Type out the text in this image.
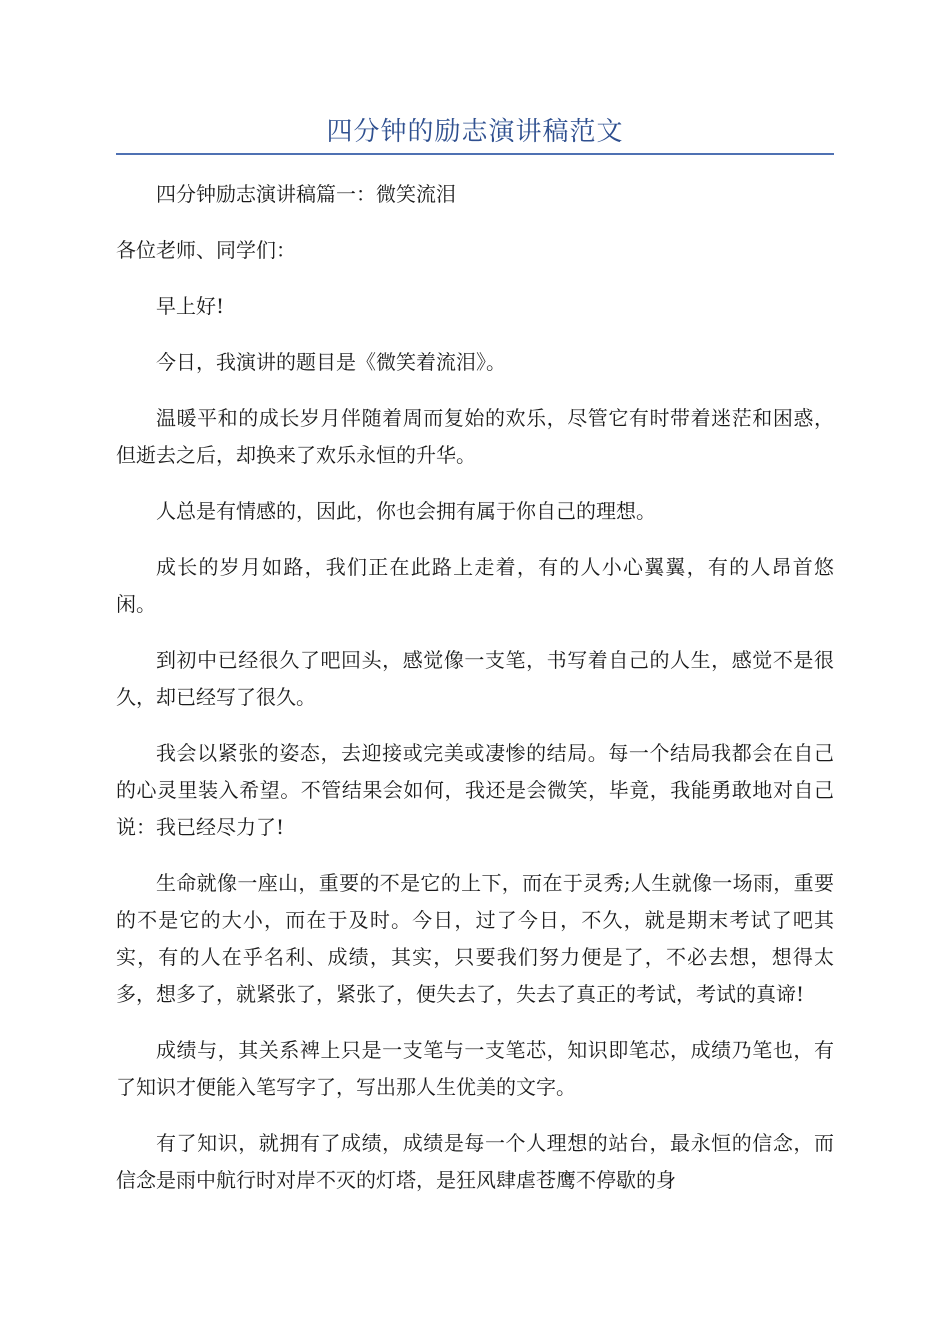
四分钟的励志演讲稿范文

四分钟励志演讲稿篇一：微笑流泪

各位老师、同学们：

早上好!

今日，我演讲的题目是《微笑着流泪》。

温暖平和的成长岁月伴随着周而复始的欢乐，尽管它有时带着迷茫和困惑，但逝去之后，却换来了欢乐永恒的升华。

人总是有情感的，因此，你也会拥有属于你自己的理想。

成长的岁月如路，我们正在此路上走着，有的人小心翼翼，有的人昂首悠闲。

到初中已经很久了吧回头，感觉像一支笔，书写着自己的人生，感觉不是很久，却已经写了很久。

我会以紧张的姿态，去迎接或完美或凄惨的结局。每一个结局我都会在自己的心灵里装入希望。不管结果会如何，我还是会微笑，毕竟，我能勇敢地对自己说：我已经尽力了!

生命就像一座山，重要的不是它的上下，而在于灵秀;人生就像一场雨，重要的不是它的大小，而在于及时。今日，过了今日，不久，就是期末考试了吧其实，有的人在乎名利、成绩，其实，只要我们努力便是了，不必去想，想得太多，想多了，就紧张了，紧张了，便失去了，失去了真正的考试，考试的真谛!

成绩与，其关系裨上只是一支笔与一支笔芯，知识即笔芯，成绩乃笔也，有了知识才便能入笔写字了，写出那人生优美的文字。

有了知识，就拥有了成绩，成绩是每一个人理想的站台，最永恒的信念，而信念是雨中航行时对岸不灭的灯塔，是狂风肆虐苍鹰不停歇的身
